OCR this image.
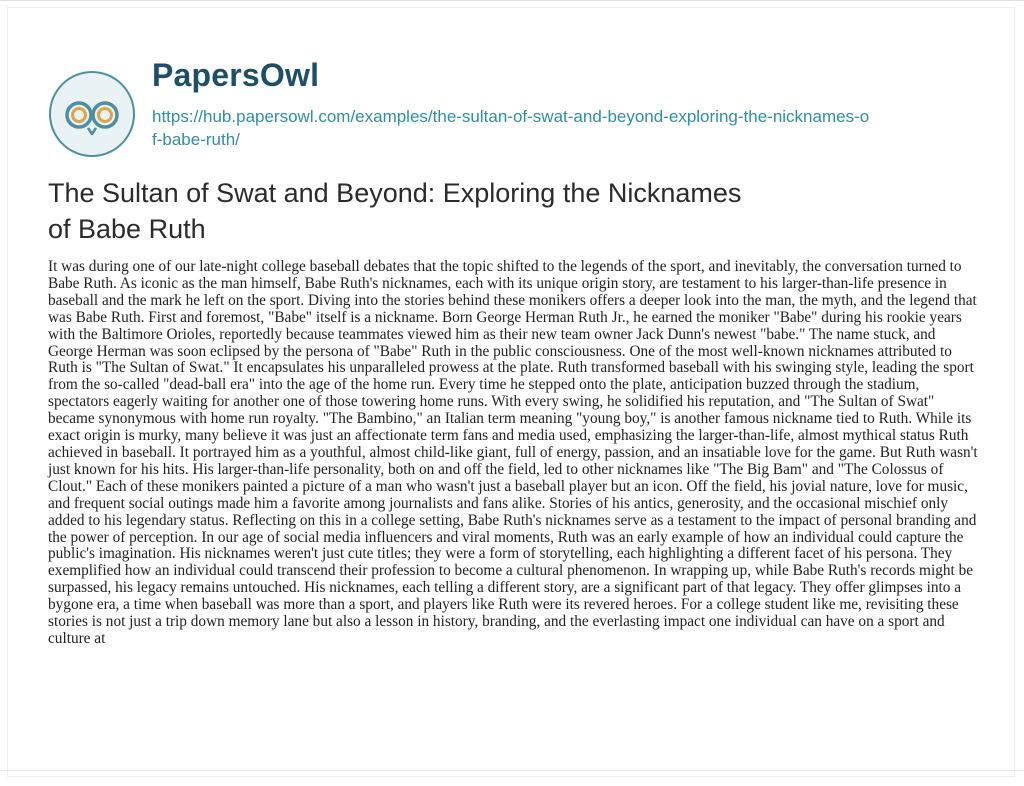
PapersOwl
https://hub.papersowl.com/examples/the-sultan-of-swat-and-beyond-exploring-the-nicknames-of-babe-ruth/
The Sultan of Swat and Beyond: Exploring the Nicknames of Babe Ruth

It was during one of our late-night college baseball debates that the topic shifted to the legends of the sport, and inevitably, the conversation turned to Babe Ruth. As iconic as the man himself, Babe Ruth's nicknames, each with its unique origin story, are testament to his larger-than-life presence in baseball and the mark he left on the sport. Diving into the stories behind these monikers offers a deeper look into the man, the myth, and the legend that was Babe Ruth. First and foremost, "Babe" itself is a nickname. Born George Herman Ruth Jr., he earned the moniker "Babe" during his rookie years with the Baltimore Orioles, reportedly because teammates viewed him as their new team owner Jack Dunn's newest "babe." The name stuck, and George Herman was soon eclipsed by the persona of "Babe" Ruth in the public consciousness. One of the most well-known nicknames attributed to Ruth is "The Sultan of Swat." It encapsulates his unparalleled prowess at the plate. Ruth transformed baseball with his swinging style, leading the sport from the so-called "dead-ball era" into the age of the home run. Every time he stepped onto the plate, anticipation buzzed through the stadium, spectators eagerly waiting for another one of those towering home runs. With every swing, he solidified his reputation, and "The Sultan of Swat" became synonymous with home run royalty. "The Bambino," an Italian term meaning "young boy," is another famous nickname tied to Ruth. While its exact origin is murky, many believe it was just an affectionate term fans and media used, emphasizing the larger-than-life, almost mythical status Ruth achieved in baseball. It portrayed him as a youthful, almost child-like giant, full of energy, passion, and an insatiable love for the game. But Ruth wasn't just known for his hits. His larger-than-life personality, both on and off the field, led to other nicknames like "The Big Bam" and "The Colossus of Clout." Each of these monikers painted a picture of a man who wasn't just a baseball player but an icon. Off the field, his jovial nature, love for music, and frequent social outings made him a favorite among journalists and fans alike. Stories of his antics, generosity, and the occasional mischief only added to his legendary status. Reflecting on this in a college setting, Babe Ruth's nicknames serve as a testament to the impact of personal branding and the power of perception. In our age of social media influencers and viral moments, Ruth was an early example of how an individual could capture the public's imagination. His nicknames weren't just cute titles; they were a form of storytelling, each highlighting a different facet of his persona. They exemplified how an individual could transcend their profession to become a cultural phenomenon. In wrapping up, while Babe Ruth's records might be surpassed, his legacy remains untouched. His nicknames, each telling a different story, are a significant part of that legacy. They offer glimpses into a bygone era, a time when baseball was more than a sport, and players like Ruth were its revered heroes. For a college student like me, revisiting these stories is not just a trip down memory lane but also a lesson in history, branding, and the everlasting impact one individual can have on a sport and culture at
